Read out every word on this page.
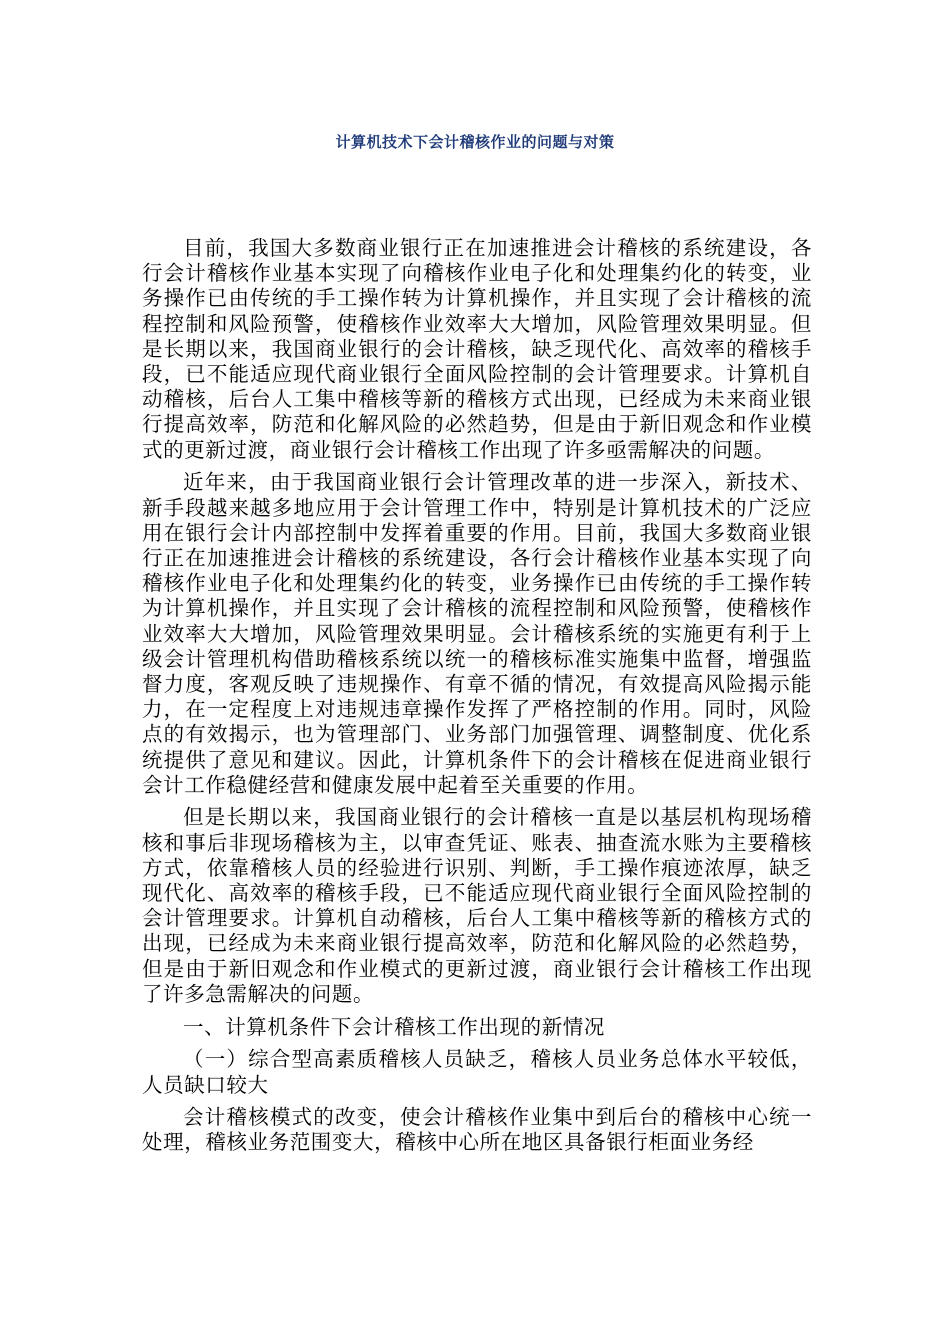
计算机技术下会计稽核作业的问题与对策

目前，我国大多数商业银行正在加速推进会计稽核的系统建设，各行会计稽核作业基本实现了向稽核作业电子化和处理集约化的转变，业务操作已由传统的手工操作转为计算机操作，并且实现了会计稽核的流程控制和风险预警，使稽核作业效率大大增加，风险管理效果明显。但是长期以来，我国商业银行的会计稽核，缺乏现代化、高效率的稽核手段，已不能适应现代商业银行全面风险控制的会计管理要求。计算机自动稽核，后台人工集中稽核等新的稽核方式出现，已经成为未来商业银行提高效率，防范和化解风险的必然趋势，但是由于新旧观念和作业模式的更新过渡，商业银行会计稽核工作出现了许多亟需解决的问题。

近年来，由于我国商业银行会计管理改革的进一步深入，新技术、新手段越来越多地应用于会计管理工作中，特别是计算机技术的广泛应用在银行会计内部控制中发挥着重要的作用。目前，我国大多数商业银行正在加速推进会计稽核的系统建设，各行会计稽核作业基本实现了向稽核作业电子化和处理集约化的转变，业务操作已由传统的手工操作转为计算机操作，并且实现了会计稽核的流程控制和风险预警，使稽核作业效率大大增加，风险管理效果明显。会计稽核系统的实施更有利于上级会计管理机构借助稽核系统以统一的稽核标准实施集中监督，增强监督力度，客观反映了违规操作、有章不循的情况，有效提高风险揭示能力，在一定程度上对违规违章操作发挥了严格控制的作用。同时，风险点的有效揭示，也为管理部门、业务部门加强管理、调整制度、优化系统提供了意见和建议。因此，计算机条件下的会计稽核在促进商业银行会计工作稳健经营和健康发展中起着至关重要的作用。

但是长期以来，我国商业银行的会计稽核一直是以基层机构现场稽核和事后非现场稽核为主，以审查凭证、账表、抽查流水账为主要稽核方式，依靠稽核人员的经验进行识别、判断，手工操作痕迹浓厚，缺乏现代化、高效率的稽核手段，已不能适应现代商业银行全面风险控制的会计管理要求。计算机自动稽核，后台人工集中稽核等新的稽核方式的出现，已经成为未来商业银行提高效率，防范和化解风险的必然趋势，但是由于新旧观念和作业模式的更新过渡，商业银行会计稽核工作出现了许多急需解决的问题。

一、计算机条件下会计稽核工作出现的新情况

（一）综合型高素质稽核人员缺乏，稽核人员业务总体水平较低，人员缺口较大

会计稽核模式的改变，使会计稽核作业集中到后台的稽核中心统一处理，稽核业务范围变大，稽核中心所在地区具备银行柜面业务经
